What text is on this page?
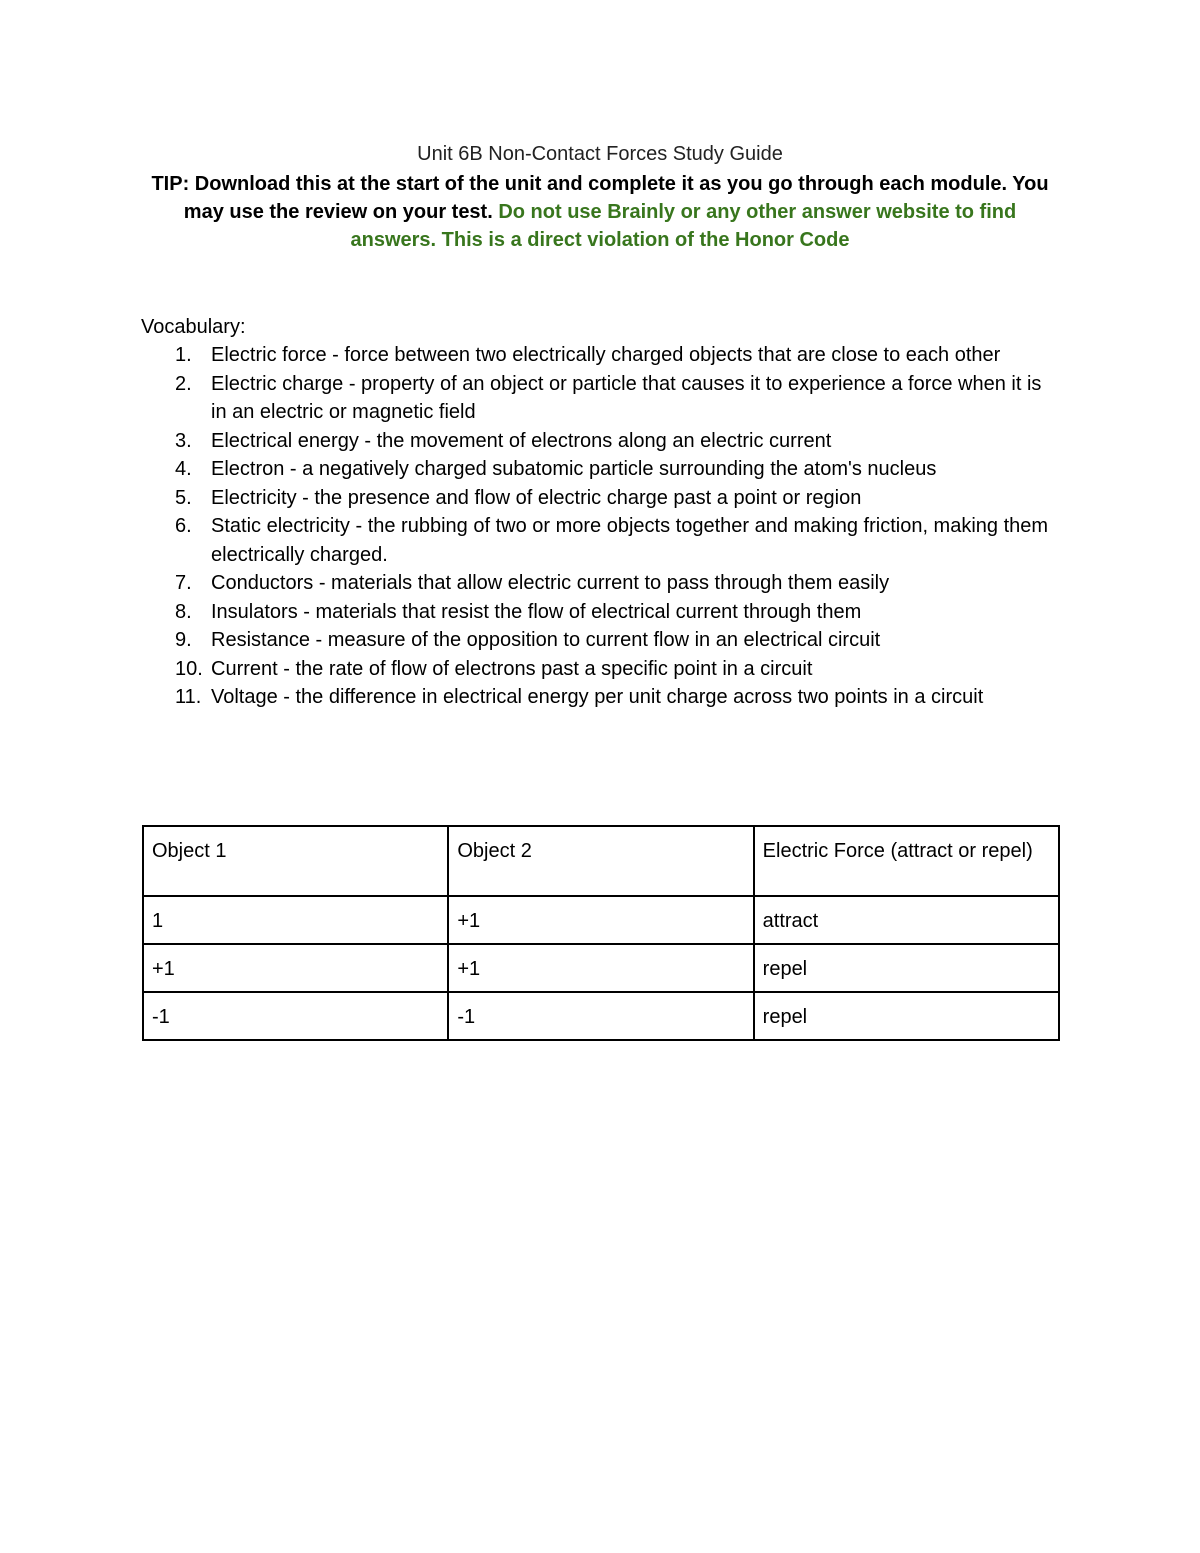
Unit 6B Non-Contact Forces Study Guide
TIP: Download this at the start of the unit and complete it as you go through each module. You may use the review on your test. Do not use Brainly or any other answer website to find answers. This is a direct violation of the Honor Code
Vocabulary:
1. Electric force - force between two electrically charged objects that are close to each other
2. Electric charge - property of an object or particle that causes it to experience a force when it is in an electric or magnetic field
3. Electrical energy - the movement of electrons along an electric current
4. Electron - a negatively charged subatomic particle surrounding the atom's nucleus
5. Electricity - the presence and flow of electric charge past a point or region
6. Static electricity - the rubbing of two or more objects together and making friction, making them electrically charged.
7. Conductors - materials that allow electric current to pass through them easily
8. Insulators - materials that resist the flow of electrical current through them
9. Resistance - measure of the opposition to current flow in an electrical circuit
10. Current - the rate of flow of electrons past a specific point in a circuit
11. Voltage - the difference in electrical energy per unit charge across two points in a circuit
Object 1	Object 2	Electric Force (attract or repel)
1	+1	attract
+1	+1	repel
-1	-1	repel
